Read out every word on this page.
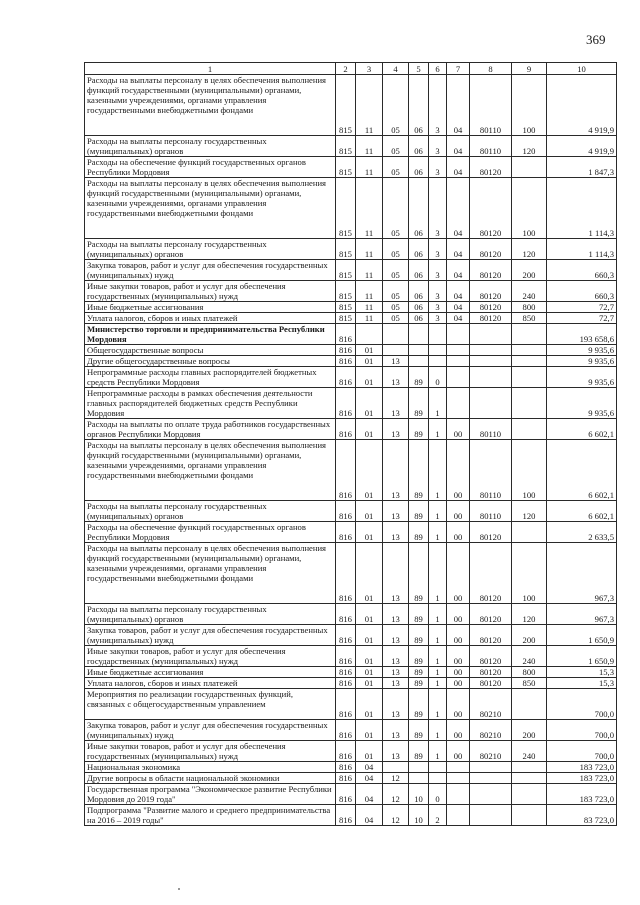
369
1	2	3	4	5	6	7	8	9	10
Расходы на выплаты персоналу в целях обеспечения выполнения функций государственными (муниципальными) органами, казенными учреждениями, органами управления государственными внебюджетными фондами	815	11	05	06	3	04	80110	100	4 919,9
Расходы на выплаты персоналу государственных (муниципальных) органов	815	11	05	06	3	04	80110	120	4 919,9
Расходы на обеспечение функций государственных органов Республики Мордовия	815	11	05	06	3	04	80120		1 847,3
Расходы на выплаты персоналу в целях обеспечения выполнения функций государственными (муниципальными) органами, казенными учреждениями, органами управления государственными внебюджетными фондами	815	11	05	06	3	04	80120	100	1 114,3
Расходы на выплаты персоналу государственных (муниципальных) органов	815	11	05	06	3	04	80120	120	1 114,3
Закупка товаров, работ и услуг для обеспечения государственных (муниципальных) нужд	815	11	05	06	3	04	80120	200	660,3
Иные закупки товаров, работ и услуг для обеспечения государственных (муниципальных) нужд	815	11	05	06	3	04	80120	240	660,3
Иные бюджетные ассигнования	815	11	05	06	3	04	80120	800	72,7
Уплата налогов, сборов и иных платежей	815	11	05	06	3	04	80120	850	72,7
Министерство торговли и предпринимательства Республики Мордовия	816								193 658,6
Общегосударственные вопросы	816	01							9 935,6
Другие общегосударственные вопросы	816	01	13						9 935,6
Непрограммные расходы главных распорядителей бюджетных средств Республики Мордовия	816	01	13	89	0				9 935,6
Непрограммные расходы в рамках обеспечения деятельности главных распорядителей бюджетных средств Республики Мордовия	816	01	13	89	1				9 935,6
Расходы на выплаты по оплате труда работников государственных органов Республики Мордовия	816	01	13	89	1	00	80110		6 602,1
Расходы на выплаты персоналу в целях обеспечения выполнения функций государственными (муниципальными) органами, казенными учреждениями, органами управления государственными внебюджетными фондами	816	01	13	89	1	00	80110	100	6 602,1
Расходы на выплаты персоналу государственных (муниципальных) органов	816	01	13	89	1	00	80110	120	6 602,1
Расходы на обеспечение функций государственных органов Республики Мордовия	816	01	13	89	1	00	80120		2 633,5
Расходы на выплаты персоналу в целях обеспечения выполнения функций государственными (муниципальными) органами, казенными учреждениями, органами управления государственными внебюджетными фондами	816	01	13	89	1	00	80120	100	967,3
Расходы на выплаты персоналу государственных (муниципальных) органов	816	01	13	89	1	00	80120	120	967,3
Закупка товаров, работ и услуг для обеспечения государственных (муниципальных) нужд	816	01	13	89	1	00	80120	200	1 650,9
Иные закупки товаров, работ и услуг для обеспечения государственных (муниципальных) нужд	816	01	13	89	1	00	80120	240	1 650,9
Иные бюджетные ассигнования	816	01	13	89	1	00	80120	800	15,3
Уплата налогов, сборов и иных платежей	816	01	13	89	1	00	80120	850	15,3
Мероприятия по реализации государственных функций, связанных с общегосударственным управлением	816	01	13	89	1	00	80210		700,0
Закупка товаров, работ и услуг для обеспечения государственных (муниципальных) нужд	816	01	13	89	1	00	80210	200	700,0
Иные закупки товаров, работ и услуг для обеспечения государственных (муниципальных) нужд	816	01	13	89	1	00	80210	240	700,0
Национальная экономика	816	04							183 723,0
Другие вопросы в области национальной экономики	816	04	12						183 723,0
Государственная программа "Экономическое развитие Республики Мордовия до 2019 года"	816	04	12	10	0				183 723,0
Подпрограмма "Развитие малого и среднего предпринимательства на 2016 – 2019 годы"	816	04	12	10	2				83 723,0
